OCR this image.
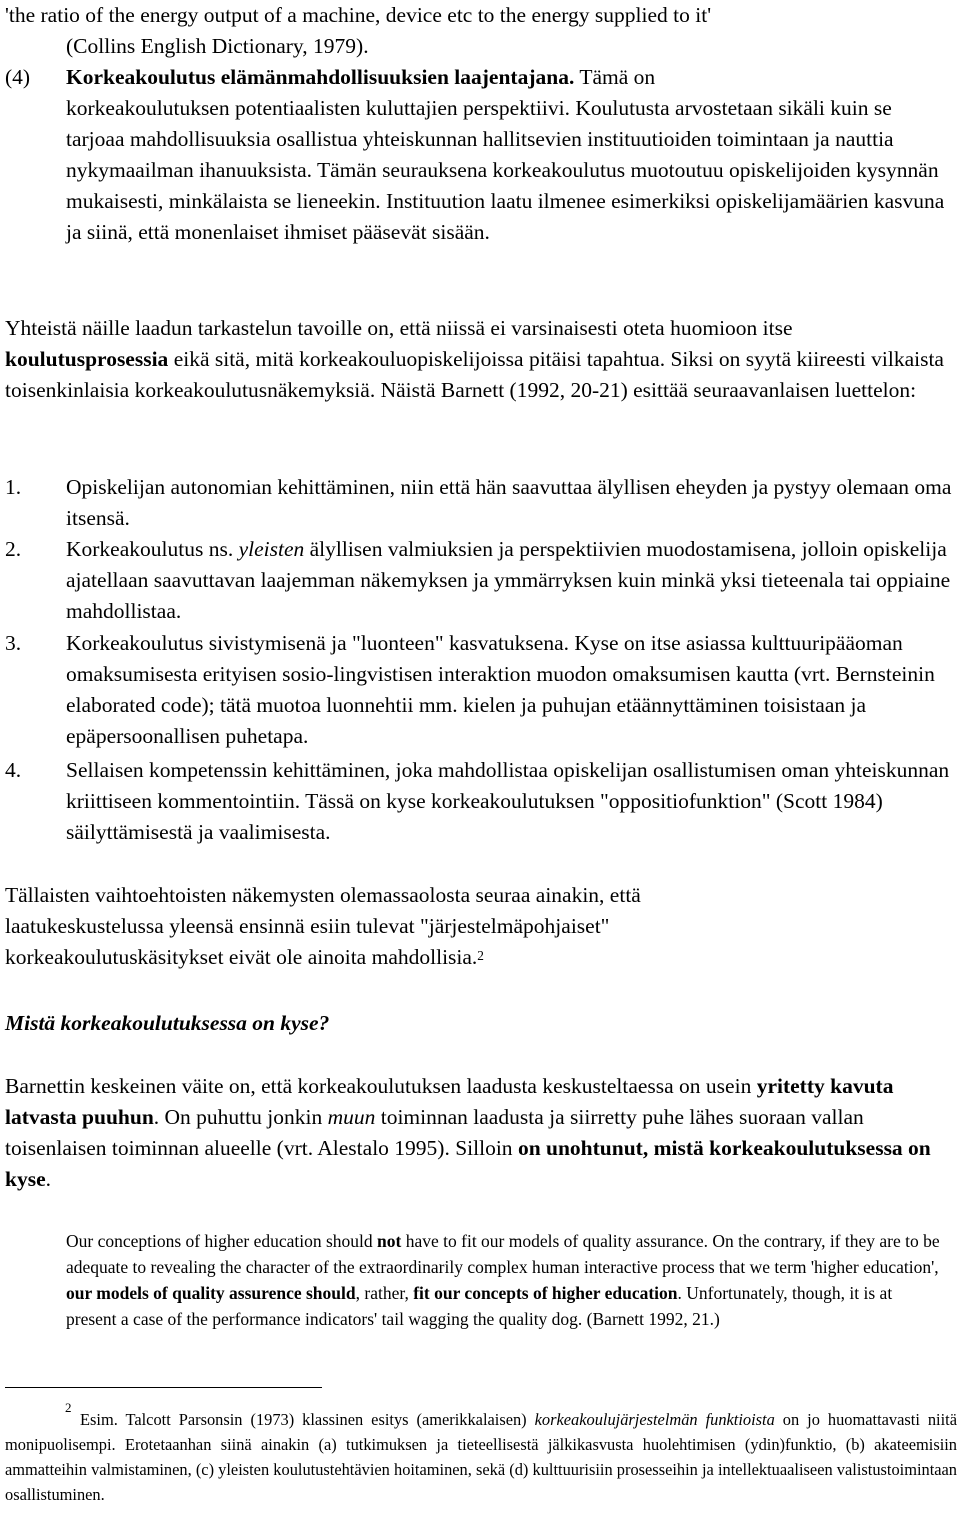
'the ratio of the energy output of a machine, device etc to the energy supplied to it'

(Collins English Dictionary, 1979).

(4) Korkeakoulutus elämänmahdollisuuksien laajentajana. Tämä on

korkeakoulutuksen potentiaalisten kuluttajien perspektiivi. Koulutusta arvostetaan sikäli kuin se tarjoaa mahdollisuuksia osallistua yhteiskunnan hallitsevien instituutioiden toimintaan ja nauttia nykymaailman ihanuuksista. Tämän seurauksena korkeakoulutus muotoutuu opiskelijoiden kysynnän mukaisesti, minkälaista se lieneekin. Instituution laatu ilmenee esimerkiksi opiskelijamäärien kasvuna ja siinä, että monenlaiset ihmiset pääsevät sisään.

Yhteistä näille laadun tarkastelun tavoille on, että niissä ei varsinaisesti oteta huomioon itse koulutusprosessia eikä sitä, mitä korkeakouluopiskelijoissa pitäisi tapahtua. Siksi on syytä kiireesti vilkaista toisenkinlaisia korkeakoulutusnäkemyksiä. Näistä Barnett (1992, 20-21) esittää seuraavanlaisen luettelon:

1. Opiskelijan autonomian kehittäminen, niin että hän saavuttaa älyllisen eheyden ja pystyy olemaan oma itsensä.

2. Korkeakoulutus ns. yleisten älyllisen valmiuksien ja perspektiivien muodostamisena, jolloin opiskelija ajatellaan saavuttavan laajemman näkemyksen ja ymmärryksen kuin minkä yksi tieteenala tai oppiaine mahdollistaa.

3. Korkeakoulutus sivistymisenä ja "luonteen" kasvatuksena. Kyse on itse asiassa kulttuuripääoman omaksumisesta erityisen sosio-lingvistisen interaktion muodon omaksumisen kautta (vrt. Bernsteinin elaborated code); tätä muotoa luonnehtii mm. kielen ja puhujan etäännyttäminen toisistaan ja epäpersoonallisen puhetapa.

4. Sellaisen kompetenssin kehittäminen, joka mahdollistaa opiskelijan osallistumisen oman yhteiskunnan kriittiseen kommentointiin. Tässä on kyse korkeakoulutuksen "oppositiofunktion" (Scott 1984) säilyttämisestä ja vaalimisesta.

Tällaisten vaihtoehtoisten näkemysten olemassaolosta seuraa ainakin, että laatukeskustelussa yleensä ensinnä esiin tulevat "järjestelmäpohjaiset" korkeakoulutuskäsitykset eivät ole ainoita mahdollisia.$^2$

Mistä korkeakoulutuksessa on kyse?

Barnettin keskeinen väite on, että korkeakoulutuksen laadusta keskusteltaessa on usein yritetty kavuta latvasta puuhun. On puhuttu jonkin muun toiminnan laadusta ja siirretty puhe lähes suoraan vallan toisenlaisen toiminnan alueelle (vrt. Alestalo 1995). Silloin on unohtunut, mistä korkeakoulutuksessa on kyse.

Our conceptions of higher education should not have to fit our models of quality assurance. On the contrary, if they are to be adequate to revealing the character of the extraordinarily complex human interactive process that we term 'higher education', our models of quality assurence should, rather, fit our concepts of higher education. Unfortunately, though, it is at present a case of the performance indicators' tail wagging the quality dog. (Barnett 1992, 21.)

2
Esim. Talcott Parsonsin (1973) klassinen esitys (amerikkalaisen) korkeakoulujärjestelmän funktioista on jo huomattavasti niitä monipuolisempi. Erotetaanhan siinä ainakin (a) tutkimuksen ja tieteellisestä jälkikasvusta huolehtimisen (ydin)funktio, (b) akateemisiin ammatteihin valmistaminen, (c) yleisten koulutustehtävien hoitaminen, sekä (d) kulttuurisiin prosesseihin ja intellektuaaliseen valistustoimintaan osallistuminen.
